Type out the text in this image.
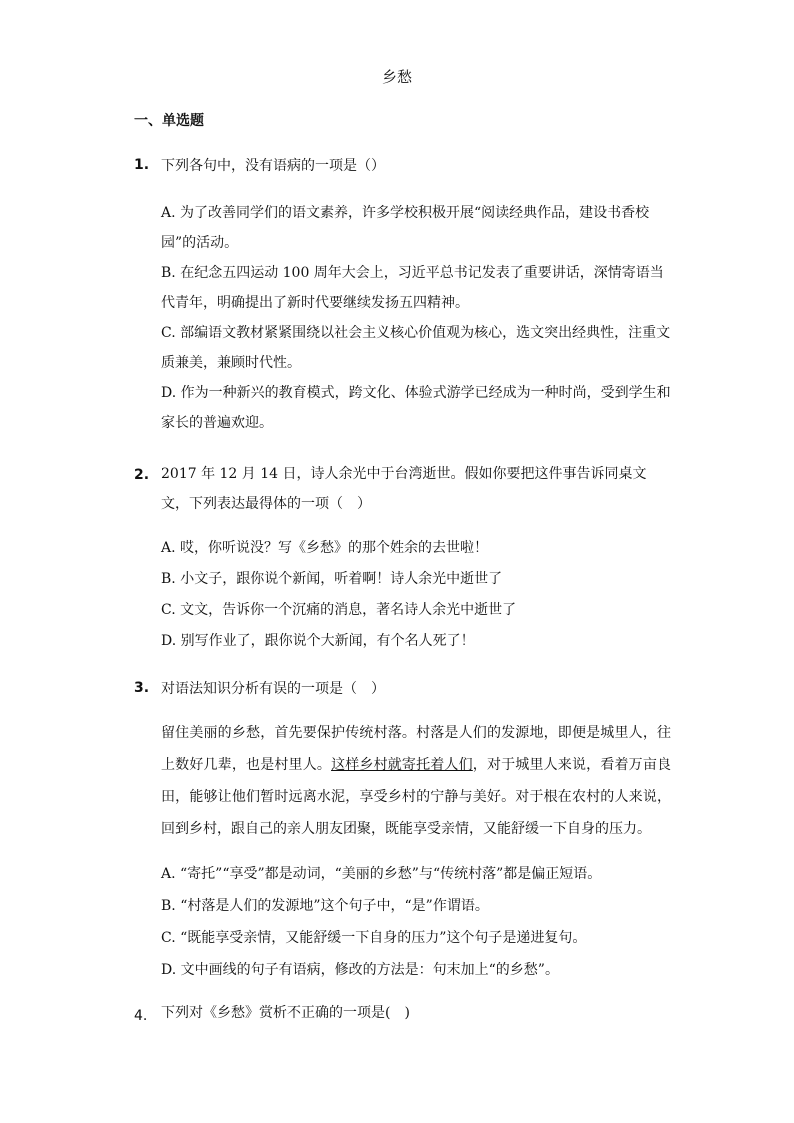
乡愁
一、单选题
1. 下列各句中，没有语病的一项是（）
A. 为了改善同学们的语文素养，许多学校积极开展“阅读经典作品，建设书香校园”的活动。
B. 在纪念五四运动 100 周年大会上，习近平总书记发表了重要讲话，深情寄语当代青年，明确提出了新时代要继续发扬五四精神。
C. 部编语文教材紧紧围绕以社会主义核心价值观为核心，选文突出经典性，注重文质兼美，兼顾时代性。
D. 作为一种新兴的教育模式，跨文化、体验式游学已经成为一种时尚，受到学生和家长的普遍欢迎。
2. 2017 年 12 月 14 日，诗人余光中于台湾逝世。假如你要把这件事告诉同桌文文，下列表达最得体的一项（　）
A. 哎，你听说没？写《乡愁》的那个姓余的去世啦！
B. 小文子，跟你说个新闻，听着啊！诗人余光中逝世了
C. 文文，告诉你一个沉痛的消息，著名诗人余光中逝世了
D. 别写作业了，跟你说个大新闻，有个名人死了！
3. 对语法知识分析有误的一项是（　）
留住美丽的乡愁，首先要保护传统村落。村落是人们的发源地，即便是城里人，往上数好几辈，也是村里人。这样乡村就寄托着人们，对于城里人来说，看着万亩良田，能够让他们暂时远离水泥，享受乡村的宁静与美好。对于根在农村的人来说，回到乡村，跟自己的亲人朋友团聚，既能享受亲情，又能舒缓一下自身的压力。
A. “寄托”“享受”都是动词，“美丽的乡愁”与“传统村落”都是偏正短语。
B. “村落是人们的发源地”这个句子中，“是”作谓语。
C. “既能享受亲情，又能舒缓一下自身的压力”这个句子是递进复句。
D. 文中画线的句子有语病，修改的方法是：句末加上“的乡愁”。
4. 下列对《乡愁》赏析不正确的一项是(　)
